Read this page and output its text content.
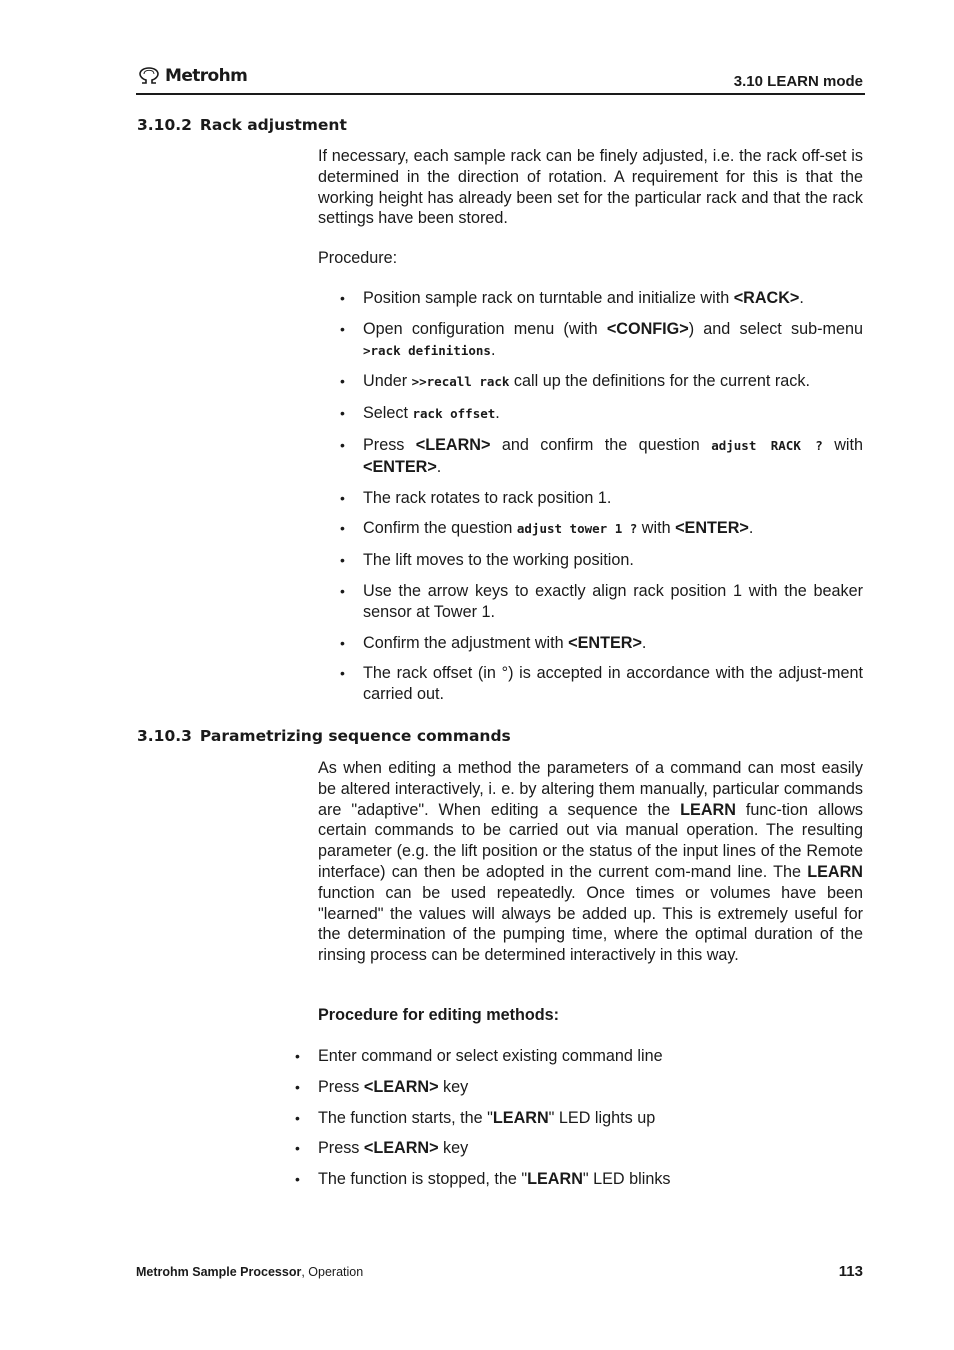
Metrohm	3.10 LEARN mode
3.10.2 Rack adjustment
If necessary, each sample rack can be finely adjusted, i.e. the rack off-set is determined in the direction of rotation. A requirement for this is that the working height has already been set for the particular rack and that the rack settings have been stored.
Procedure:
• Position sample rack on turntable and initialize with <RACK>.
• Open configuration menu (with <CONFIG>) and select sub-menu >rack definitions.
• Under >>recall rack call up the definitions for the current rack.
• Select rack offset.
• Press <LEARN> and confirm the question adjust RACK ? with <ENTER>.
• The rack rotates to rack position 1.
• Confirm the question adjust tower 1 ? with <ENTER>.
• The lift moves to the working position.
• Use the arrow keys to exactly align rack position 1 with the beaker sensor at Tower 1.
• Confirm the adjustment with <ENTER>.
• The rack offset (in °) is accepted in accordance with the adjust-ment carried out.
3.10.3 Parametrizing sequence commands
As when editing a method the parameters of a command can most easily be altered interactively, i. e. by altering them manually, particular commands are "adaptive". When editing a sequence the LEARN func-tion allows certain commands to be carried out via manual operation. The resulting parameter (e.g. the lift position or the status of the input lines of the Remote interface) can then be adopted in the current com-mand line. The LEARN function can be used repeatedly. Once times or volumes have been "learned" the values will always be added up. This is extremely useful for the determination of the pumping time, where the optimal duration of the rinsing process can be determined interactively in this way.
Procedure for editing methods:
• Enter command or select existing command line
• Press <LEARN> key
• The function starts, the "LEARN" LED lights up
• Press <LEARN> key
• The function is stopped, the "LEARN" LED blinks
Metrohm Sample Processor, Operation	113
